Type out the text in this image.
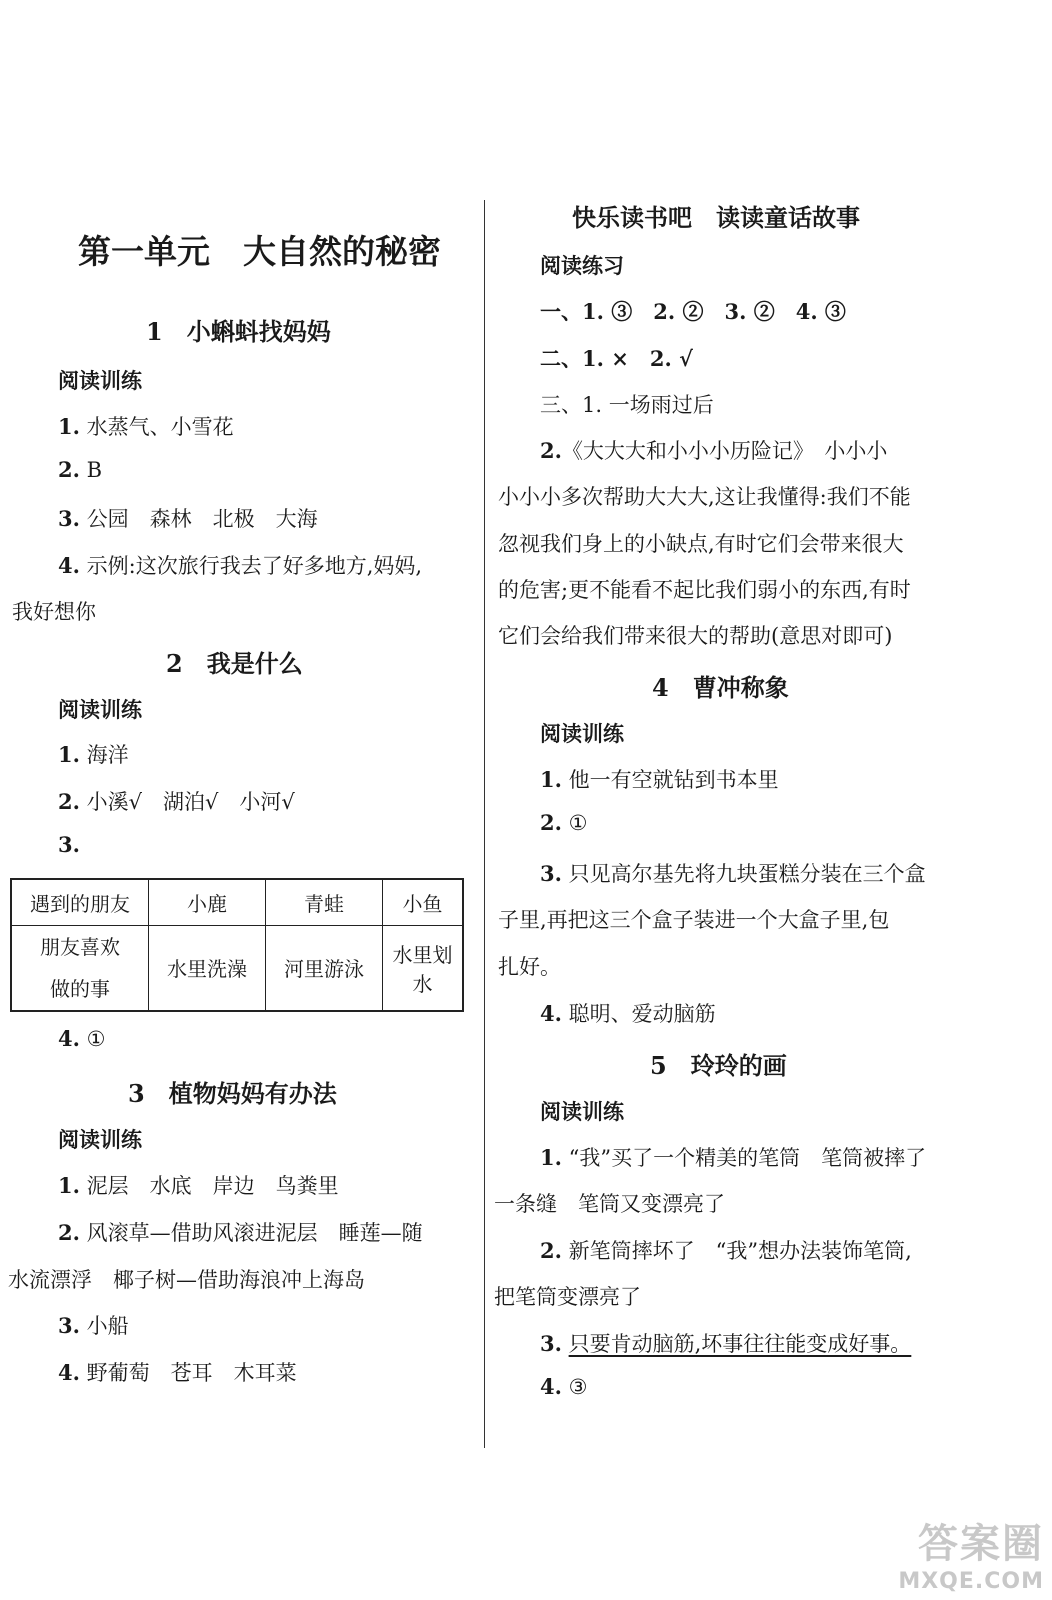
第一单元　大自然的秘密
1　小蝌蚪找妈妈
阅读训练
1. 水蒸气、小雪花
2. B
3. 公园　森林　北极　大海
4. 示例:这次旅行我去了好多地方,妈妈,
我好想你
2　我是什么
阅读训练
1. 海洋
2. 小溪√　湖泊√　小河√
3.
遇到的朋友	小鹿	青蛙	小鱼

朋友喜欢
做的事	水里洗澡	河里游泳	水里划水
4. ①
3　植物妈妈有办法
阅读训练
1. 泥层　水底　岸边　鸟粪里
2. 风滚草—借助风滚进泥层　睡莲—随
水流漂浮　椰子树—借助海浪冲上海岛
3. 小船
4. 野葡萄　苍耳　木耳菜
快乐读书吧　读读童话故事
阅读练习
一、1. ③　2. ②　3. ②　4. ③
二、1. ×　2. √
三、1. 一场雨过后
2.《大大大和小小小历险记》　小小小
小小小多次帮助大大大,这让我懂得:我们不能
忽视我们身上的小缺点,有时它们会带来很大
的危害;更不能看不起比我们弱小的东西,有时
它们会给我们带来很大的帮助(意思对即可)
4　曹冲称象
阅读训练
1. 他一有空就钻到书本里
2. ①
3. 只见高尔基先将九块蛋糕分装在三个盒
子里,再把这三个盒子装进一个大盒子里,包
扎好。
4. 聪明、爱动脑筋
5　玲玲的画
阅读训练
1. “我”买了一个精美的笔筒　笔筒被摔了
一条缝　笔筒又变漂亮了
2. 新笔筒摔坏了　“我”想办法装饰笔筒,
把笔筒变漂亮了
3. 只要肯动脑筋,坏事往往能变成好事。
4. ③
答案圈
MXQE.COM
